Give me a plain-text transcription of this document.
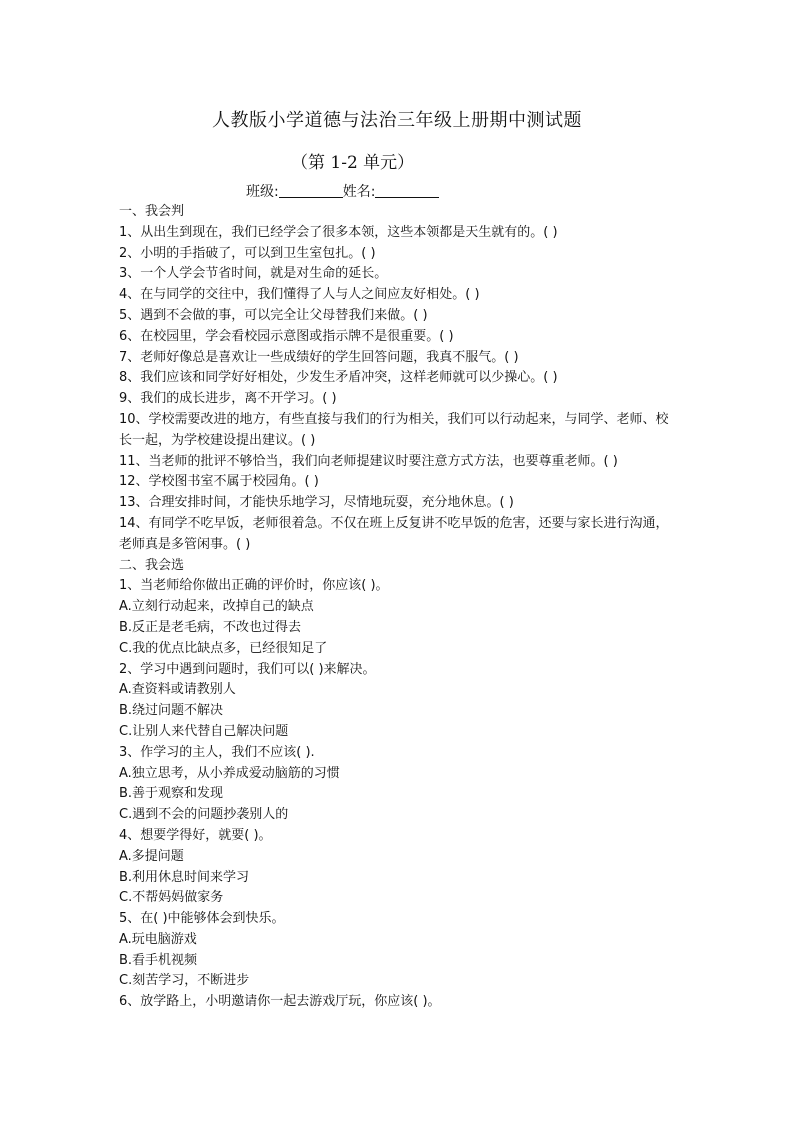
人教版小学道德与法治三年级上册期中测试题
（第 1-2 单元）
班级:	姓名:
一、我会判
1、从出生到现在，我们已经学会了很多本领，这些本领都是天生就有的。( )
2、小明的手指破了，可以到卫生室包扎。( )
3、一个人学会节省时间，就是对生命的延长。
4、在与同学的交往中，我们懂得了人与人之间应友好相处。( )
5、遇到不会做的事，可以完全让父母替我们来做。( )
6、在校园里，学会看校园示意图或指示牌不是很重要。( )
7、老师好像总是喜欢让一些成绩好的学生回答问题，我真不服气。( )
8、我们应该和同学好好相处，少发生矛盾冲突，这样老师就可以少操心。( )
9、我们的成长进步，离不开学习。( )
10、学校需要改进的地方，有些直接与我们的行为相关，我们可以行动起来，与同学、老师、校长一起，为学校建设提出建议。( )
11、当老师的批评不够恰当，我们向老师提建议时要注意方式方法，也要尊重老师。( )
12、学校图书室不属于校园角。( )
13、合理安排时间，才能快乐地学习，尽情地玩耍，充分地休息。( )
14、有同学不吃早饭，老师很着急。不仅在班上反复讲不吃早饭的危害，还要与家长进行沟通，老师真是多管闲事。( )
二、我会选
1、当老师给你做出正确的评价时，你应该( )。
A.立刻行动起来，改掉自己的缺点
B.反正是老毛病，不改也过得去
C.我的优点比缺点多，已经很知足了
2、学习中遇到问题时，我们可以( )来解决。
A.查资料或请教别人
B.绕过问题不解决
C.让别人来代替自己解决问题
3、作学习的主人，我们不应该( ).
A.独立思考，从小养成爱动脑筋的习惯
B.善于观察和发现
C.遇到不会的问题抄袭别人的
4、想要学得好，就要( )。
A.多提问题
B.利用休息时间来学习
C.不帮妈妈做家务
5、在( )中能够体会到快乐。
A.玩电脑游戏
B.看手机视频
C.刻苦学习，不断进步
6、放学路上，小明邀请你一起去游戏厅玩，你应该( )。
